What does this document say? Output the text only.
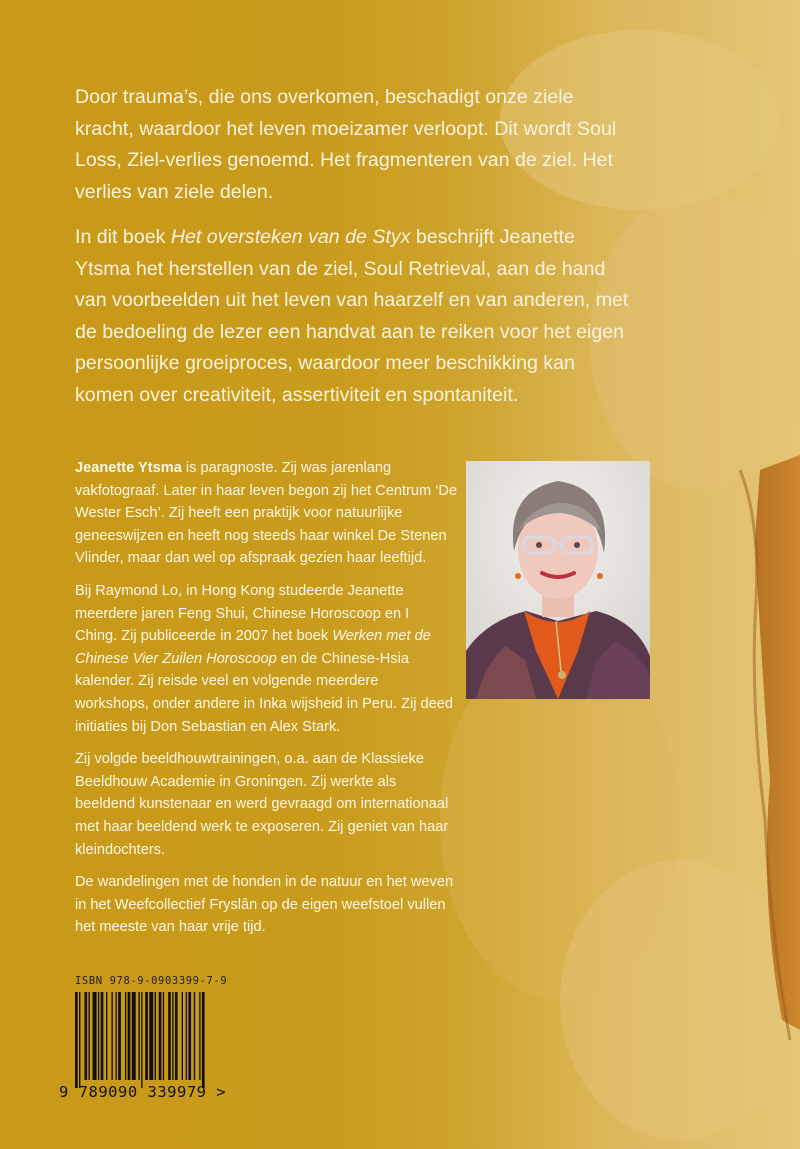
Door trauma’s, die ons overkomen, beschadigt onze ziele kracht, waardoor het leven moeizamer verloopt. Dit wordt Soul Loss, Ziel-verlies genoemd. Het fragmenteren van de ziel. Het verlies van ziele delen.

In dit boek Het oversteken van de Styx beschrijft Jeanette Ytsma het herstellen van de ziel, Soul Retrieval, aan de hand van voorbeelden uit het leven van haarzelf en van anderen, met de bedoeling de lezer een handvat aan te reiken voor het eigen persoonlijke groeiproces, waardoor meer beschikking kan komen over creativiteit, assertiviteit en spontaniteit.

Jeanette Ytsma is paragnoste. Zij was jarenlang vakfotograaf. Later in haar leven begon zij het Centrum ‘De Wester Esch’. Zij heeft een praktijk voor natuurlijke geneeswijzen en heeft nog steeds haar winkel De Stenen Vlinder, maar dan wel op afspraak gezien haar leeftijd.

Bij Raymond Lo, in Hong Kong studeerde Jeanette meerdere jaren Feng Shui, Chinese Horoscoop en I Ching. Zij publiceerde in 2007 het boek Werken met de Chinese Vier Zuilen Horoscoop en de Chinese-Hsia kalender. Zij reisde veel en volgende meerdere workshops, onder andere in Inka wijsheid in Peru. Zij deed initiaties bij Don Sebastian en Alex Stark.

Zij volgde beeldhouwtrainingen, o.a. aan de Klassieke Beeldhouw Academie in Groningen. Zij werkte als beeldend kunstenaar en werd gevraagd om internationaal met haar beeldend werk te exposeren. Zij geniet van haar kleindochters.

De wandelingen met de honden in de natuur en het weven in het Weefcollectief Fryslân op de eigen weefstoel vullen het meeste van haar vrije tijd.

ISBN 978-9-0903399-7-9
9 789090 339979 >
